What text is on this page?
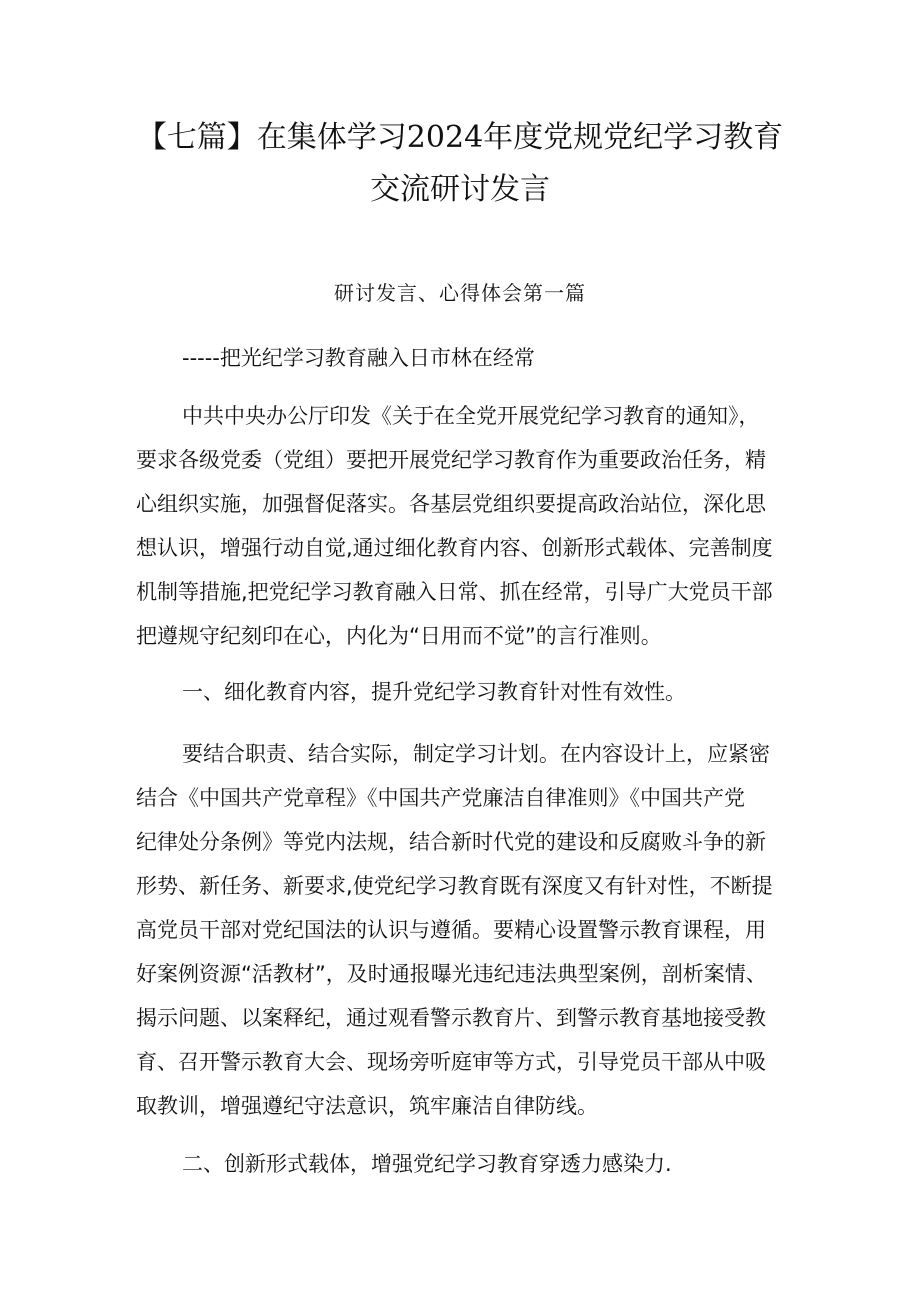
【七篇】在集体学习2024年度党规党纪学习教育
交流研讨发言
研讨发言、心得体会第一篇
-----把光纪学习教育融入日市林在经常
中共中央办公厅印发《关于在全党开展党纪学习教育的通知》，
要求各级党委（党组）要把开展党纪学习教育作为重要政治任务，精
心组织实施，加强督促落实。各基层党组织要提高政治站位，深化思
想认识，增强行动自觉,通过细化教育内容、创新形式载体、完善制度
机制等措施,把党纪学习教育融入日常、抓在经常，引导广大党员干部
把遵规守纪刻印在心，内化为“日用而不觉”的言行准则。
一、细化教育内容，提升党纪学习教育针对性有效性。
要结合职责、结合实际，制定学习计划。在内容设计上，应紧密
结合《中国共产党章程》《中国共产党廉洁自律准则》《中国共产党
纪律处分条例》等党内法规，结合新时代党的建设和反腐败斗争的新
形势、新任务、新要求,使党纪学习教育既有深度又有针对性，不断提
高党员干部对党纪国法的认识与遵循。要精心设置警示教育课程，用
好案例资源“活教材”，及时通报曝光违纪违法典型案例，剖析案情、
揭示问题、以案释纪，通过观看警示教育片、到警示教育基地接受教
育、召开警示教育大会、现场旁听庭审等方式，引导党员干部从中吸
取教训，增强遵纪守法意识，筑牢廉洁自律防线。
二、创新形式载体，增强党纪学习教育穿透力感染力.
